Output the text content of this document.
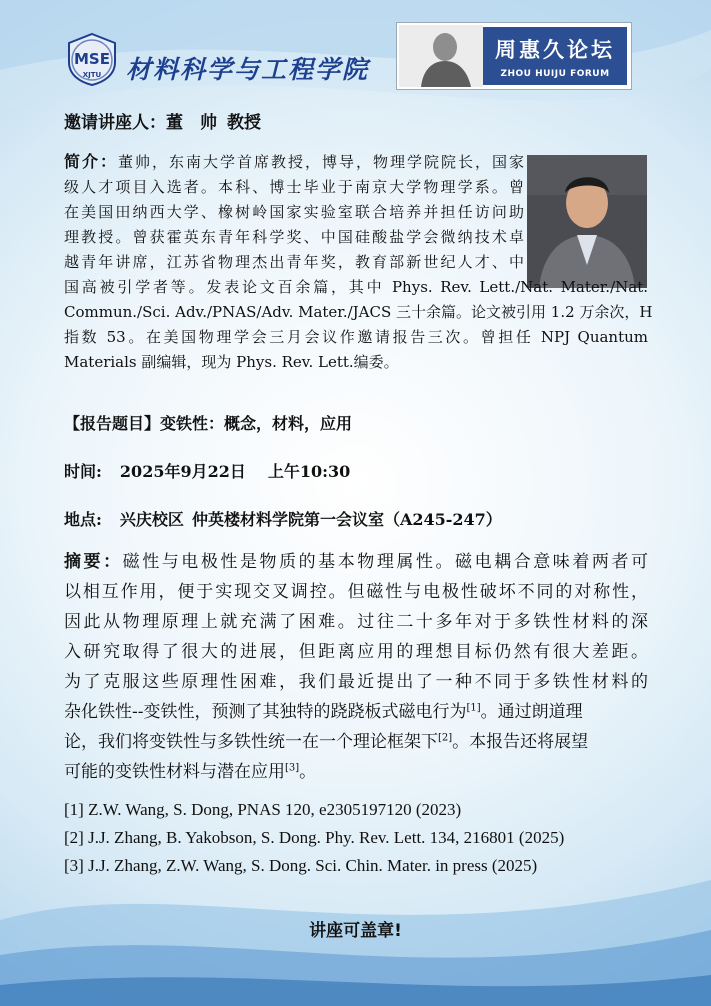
MSE
XJTU 材料科学与工程学院
周惠久论坛
ZHOU HUIJU FORUM
邀请讲座人：董　帅 教授
简介：董帅，东南大学首席教授，博导，物理学院院长，国家
级人才项目入选者。本科、博士毕业于南京大学物理学系。曾
在美国田纳西大学、橡树岭国家实验室联合培养并担任访问助
理教授。曾获霍英东青年科学奖、中国硅酸盐学会微纳技术卓
越青年讲席，江苏省物理杰出青年奖，教育部新世纪人才、中
国高被引学者等。发表论文百余篇，其中 Phys. Rev. Lett./Nat. Mater./Nat.
Commun./Sci. Adv./PNAS/Adv. Mater./JACS 三十余篇。论文被引用 1.2 万余次，H
指数 53。在美国物理学会三月会议作邀请报告三次。曾担任 NPJ Quantum
Materials 副编辑，现为 Phys. Rev. Lett.编委。
【报告题目】变铁性：概念，材料，应用
时间: 2025年9月22日 上午10:30
地点: 兴庆校区 仲英楼材料学院第一会议室（A245-247）
摘要：磁性与电极性是物质的基本物理属性。磁电耦合意味着两者可
以相互作用，便于实现交叉调控。但磁性与电极性破坏不同的对称性，
因此从物理原理上就充满了困难。过往二十多年对于多铁性材料的深
入研究取得了很大的进展，但距离应用的理想目标仍然有很大差距。
为了克服这些原理性困难，我们最近提出了一种不同于多铁性材料的
杂化铁性--变铁性，预测了其独特的跷跷板式磁电行为[1]。通过朗道理
论，我们将变铁性与多铁性统一在一个理论框架下[2]。本报告还将展望
可能的变铁性材料与潜在应用[3]。
[1] Z.W. Wang, S. Dong, PNAS 120, e2305197120 (2023)
[2] J.J. Zhang, B. Yakobson, S. Dong. Phy. Rev. Lett. 134, 216801 (2025)
[3] J.J. Zhang, Z.W. Wang, S. Dong. Sci. Chin. Mater. in press (2025)
讲座可盖章!
